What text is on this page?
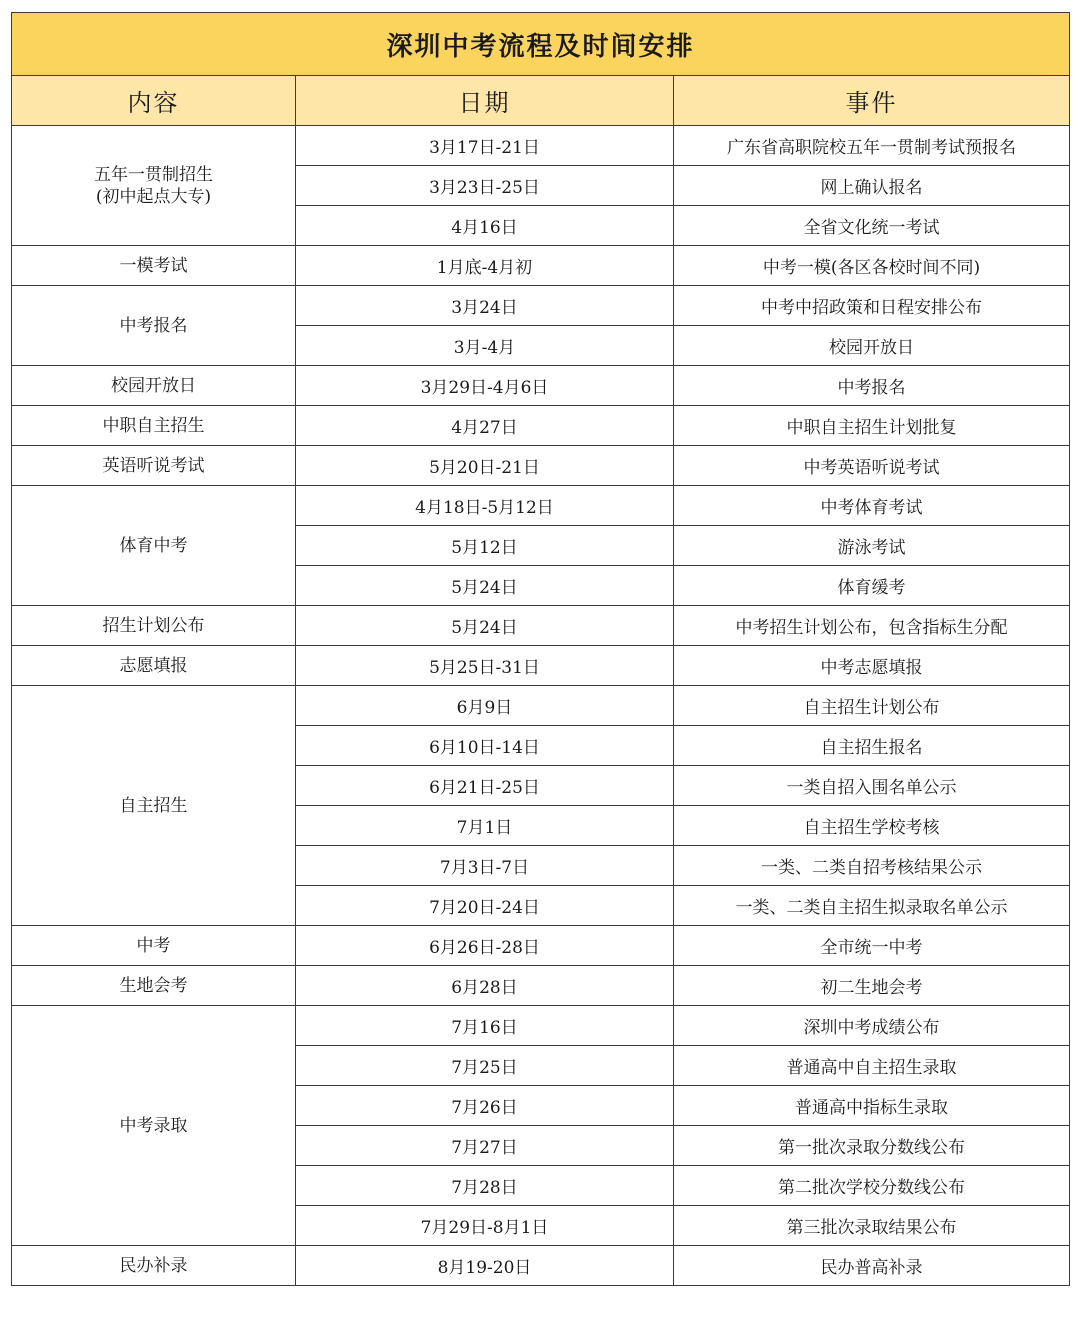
深圳中考流程及时间安排		
内容	日期	事件

五年一贯制招生
(初中起点大专)	3月17日-21日	广东省高职院校五年一贯制考试预报名
	3月23日-25日	网上确认报名
	4月16日	全省文化统一考试

一模考试	1月底-4月初	中考一模(各区各校时间不同)

中考报名	3月24日	中考中招政策和日程安排公布
	3月-4月	校园开放日

校园开放日	3月29日-4月6日	中考报名

中职自主招生	4月27日	中职自主招生计划批复

英语听说考试	5月20日-21日	中考英语听说考试

体育中考	4月18日-5月12日	中考体育考试
	5月12日	游泳考试
	5月24日	体育缓考

招生计划公布	5月24日	中考招生计划公布，包含指标生分配

志愿填报	5月25日-31日	中考志愿填报

自主招生	6月9日	自主招生计划公布
	6月10日-14日	自主招生报名
	6月21日-25日	一类自招入围名单公示
	7月1日	自主招生学校考核
	7月3日-7日	一类、二类自招考核结果公示
	7月20日-24日	一类、二类自主招生拟录取名单公示

中考	6月26日-28日	全市统一中考

生地会考	6月28日	初二生地会考

中考录取	7月16日	深圳中考成绩公布
	7月25日	普通高中自主招生录取
	7月26日	普通高中指标生录取
	7月27日	第一批次录取分数线公布
	7月28日	第二批次学校分数线公布
	7月29日-8月1日	第三批次录取结果公布

民办补录	8月19-20日	民办普高补录
